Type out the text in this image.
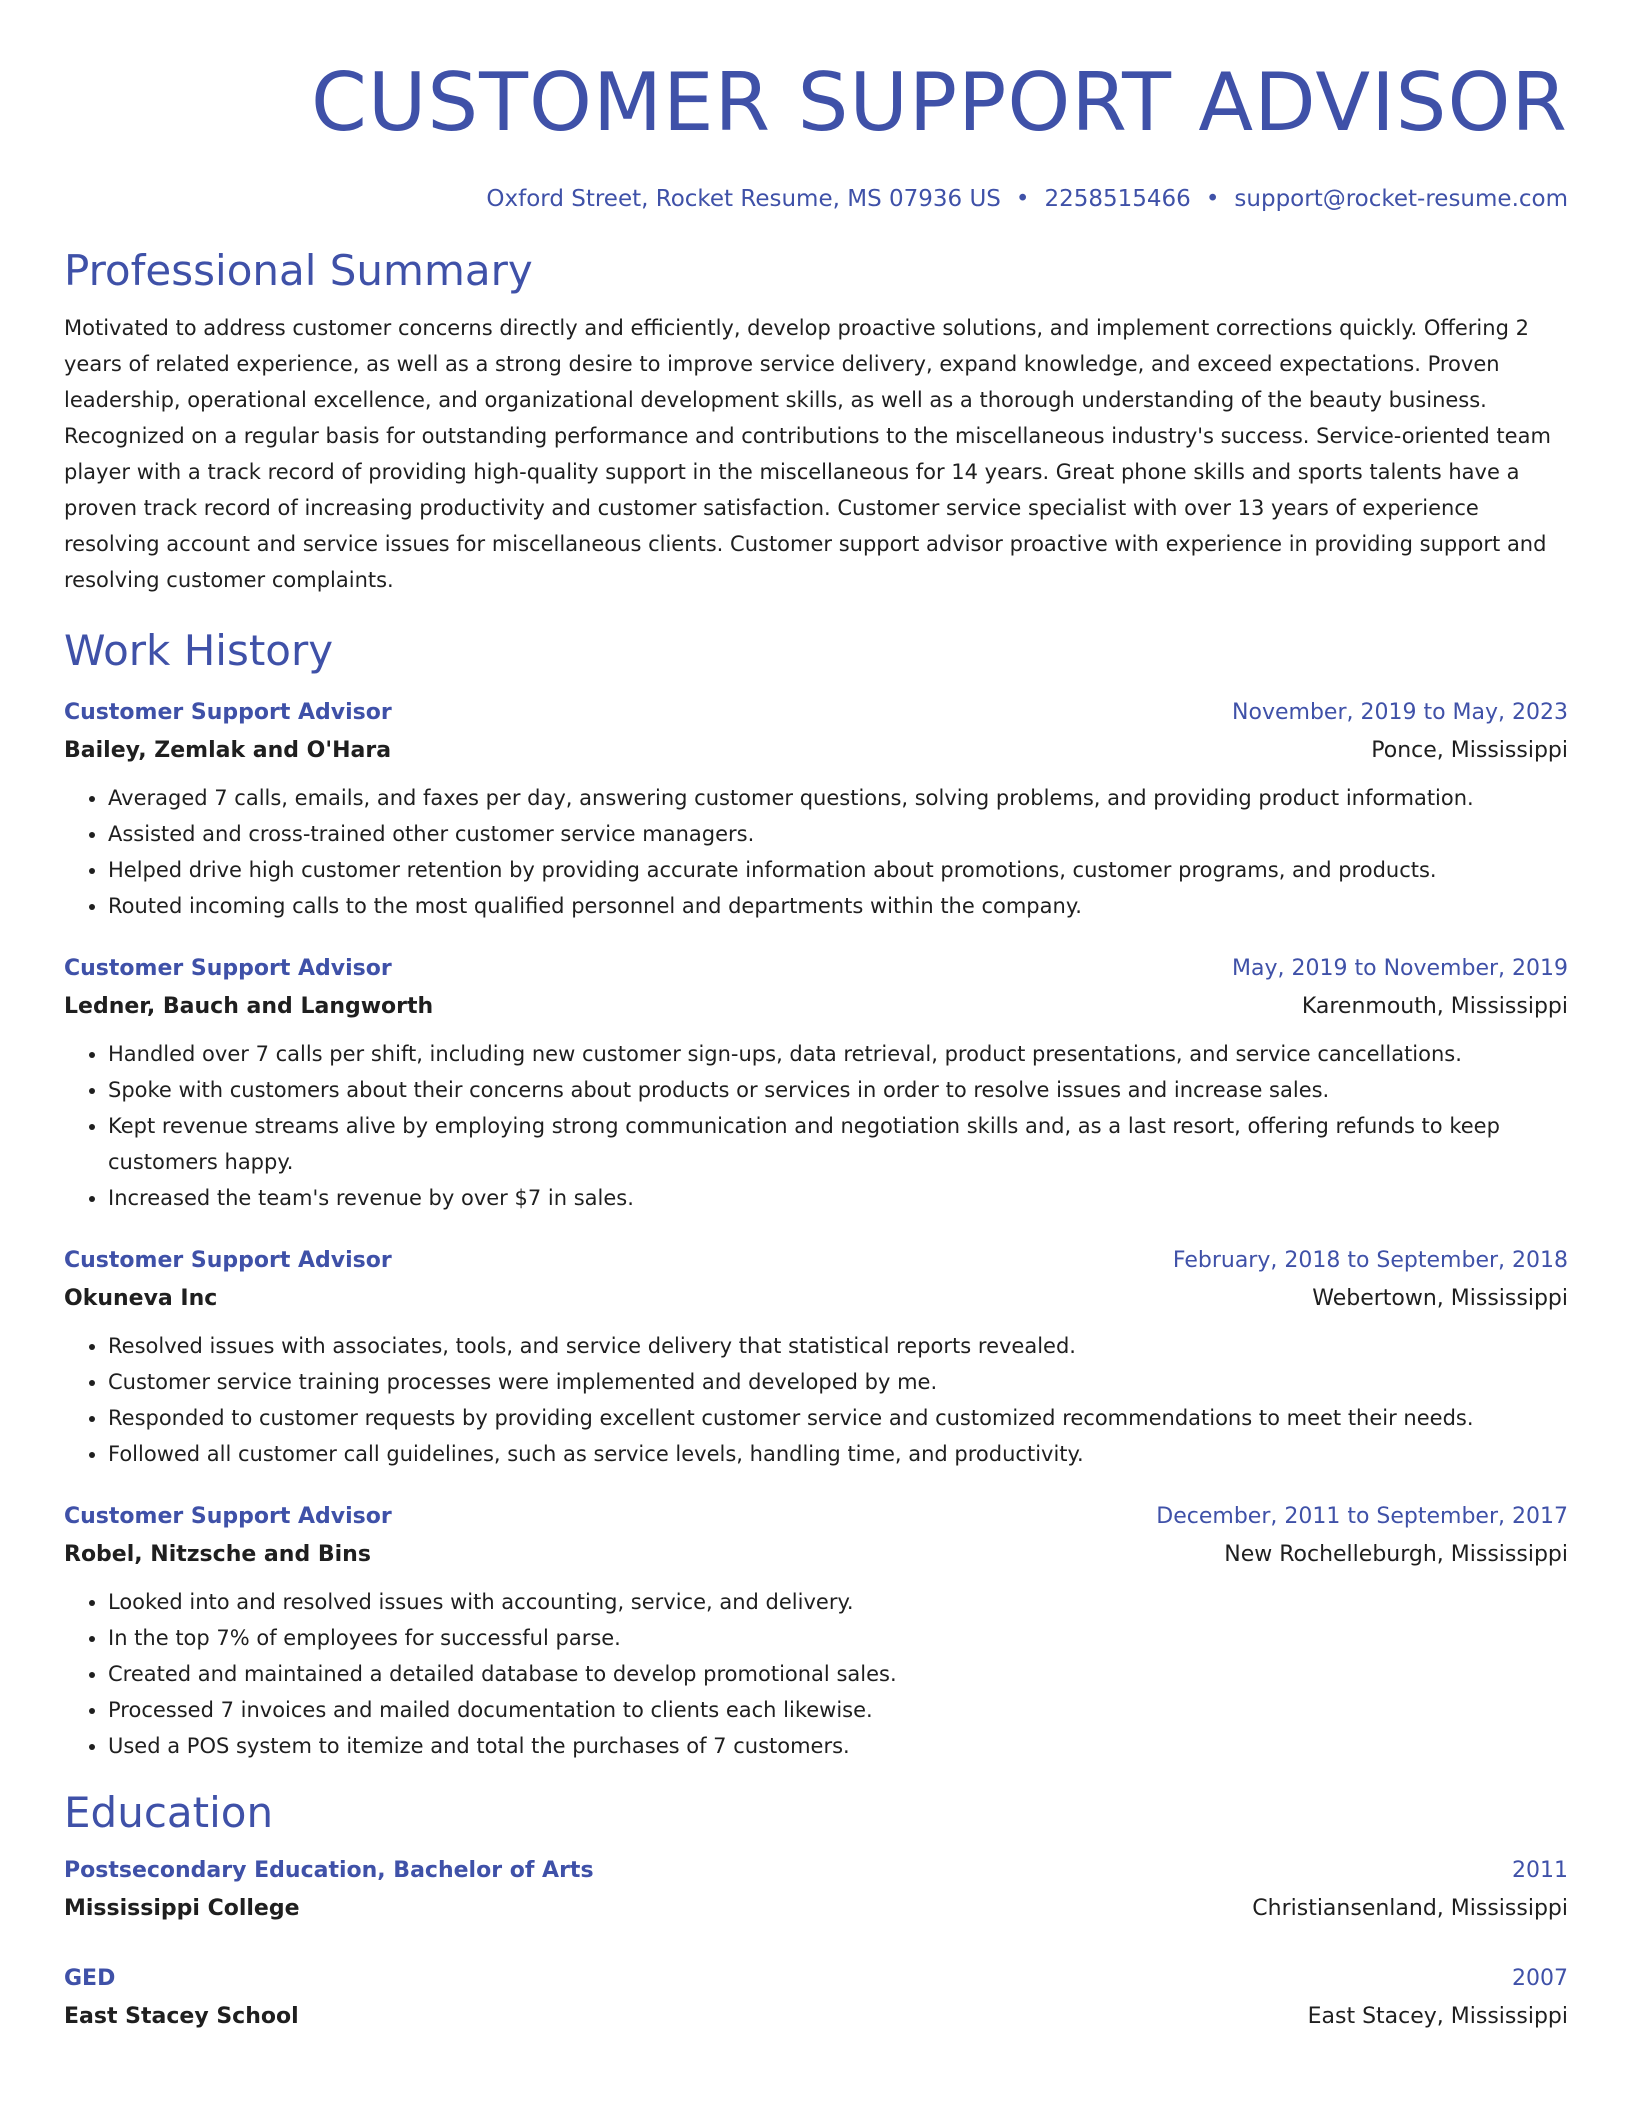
CUSTOMER SUPPORT ADVISOR
Oxford Street, Rocket Resume, MS 07936 US • 2258515466 • support@rocket-resume.com
Professional Summary
Motivated to address customer concerns directly and efficiently, develop proactive solutions, and implement corrections quickly. Offering 2 years of related experience, as well as a strong desire to improve service delivery, expand knowledge, and exceed expectations. Proven leadership, operational excellence, and organizational development skills, as well as a thorough understanding of the beauty business. Recognized on a regular basis for outstanding performance and contributions to the miscellaneous industry's success. Service-oriented team player with a track record of providing high-quality support in the miscellaneous for 14 years. Great phone skills and sports talents have a proven track record of increasing productivity and customer satisfaction. Customer service specialist with over 13 years of experience resolving account and service issues for miscellaneous clients. Customer support advisor proactive with experience in providing support and resolving customer complaints.
Work History
Customer Support Advisor	November, 2019 to May, 2023
Bailey, Zemlak and O'Hara	Ponce, Mississippi
• Averaged 7 calls, emails, and faxes per day, answering customer questions, solving problems, and providing product information.
• Assisted and cross-trained other customer service managers.
• Helped drive high customer retention by providing accurate information about promotions, customer programs, and products.
• Routed incoming calls to the most qualified personnel and departments within the company.
Customer Support Advisor	May, 2019 to November, 2019
Ledner, Bauch and Langworth	Karenmouth, Mississippi
• Handled over 7 calls per shift, including new customer sign-ups, data retrieval, product presentations, and service cancellations.
• Spoke with customers about their concerns about products or services in order to resolve issues and increase sales.
• Kept revenue streams alive by employing strong communication and negotiation skills and, as a last resort, offering refunds to keep customers happy.
• Increased the team's revenue by over $7 in sales.
Customer Support Advisor	February, 2018 to September, 2018
Okuneva Inc	Webertown, Mississippi
• Resolved issues with associates, tools, and service delivery that statistical reports revealed.
• Customer service training processes were implemented and developed by me.
• Responded to customer requests by providing excellent customer service and customized recommendations to meet their needs.
• Followed all customer call guidelines, such as service levels, handling time, and productivity.
Customer Support Advisor	December, 2011 to September, 2017
Robel, Nitzsche and Bins	New Rochelleburgh, Mississippi
• Looked into and resolved issues with accounting, service, and delivery.
• In the top 7% of employees for successful parse.
• Created and maintained a detailed database to develop promotional sales.
• Processed 7 invoices and mailed documentation to clients each likewise.
• Used a POS system to itemize and total the purchases of 7 customers.
Education
Postsecondary Education, Bachelor of Arts	2011
Mississippi College	Christiansenland, Mississippi
GED	2007
East Stacey School	East Stacey, Mississippi
